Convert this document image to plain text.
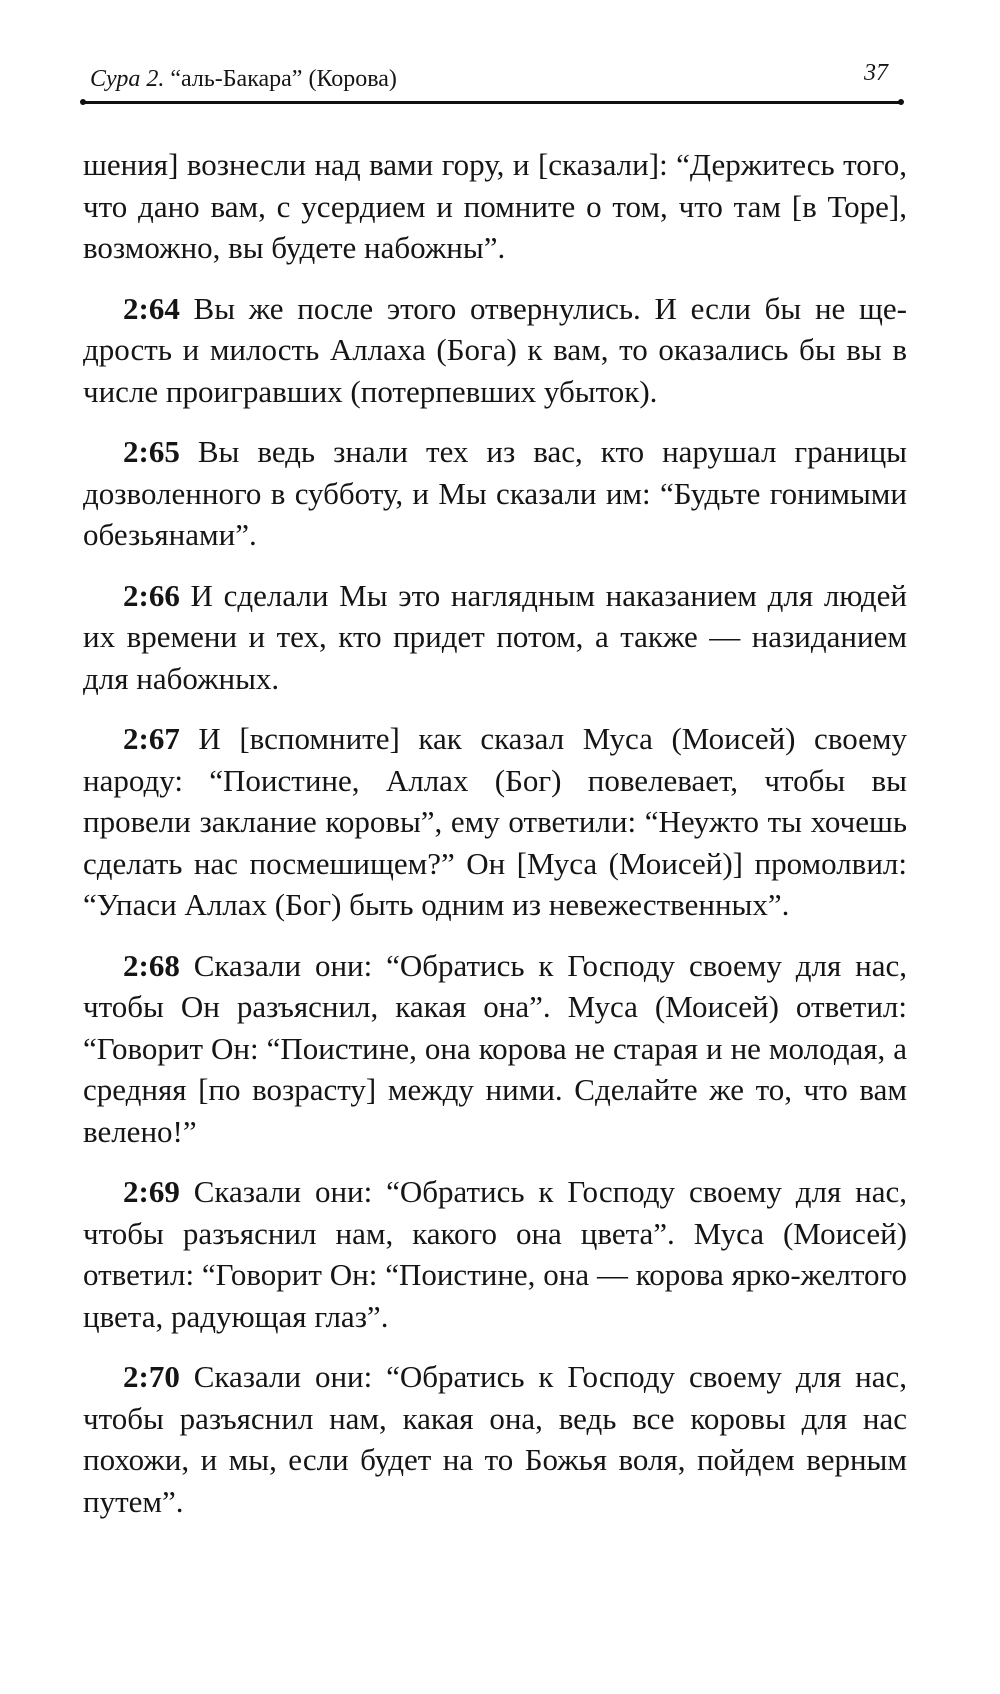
Сура 2. “аль-Бакара” (Корова)	37

шения] вознесли над вами гору, и [сказали]: “Держитесь того, что дано вам, с усердием и помните о том, что там [в Торе], возможно, вы будете набожны”.

2:64 Вы же после этого отвернулись. И если бы не щедрость и милость Аллаха (Бога) к вам, то оказались бы вы в числе проигравших (потерпевших убыток).

2:65 Вы ведь знали тех из вас, кто нарушал границы дозволенного в субботу, и Мы сказали им: “Будьте гонимыми обезьянами”.

2:66 И сделали Мы это наглядным наказанием для людей их времени и тех, кто придет потом, а также — назиданием для набожных.

2:67 И [вспомните] как сказал Муса (Моисей) своему народу: “Поистине, Аллах (Бог) повелевает, чтобы вы провели заклание коровы”, ему ответили: “Неужто ты хочешь сделать нас посмешищем?” Он [Муса (Моисей)] промолвил: “Упаси Аллах (Бог) быть одним из невежественных”.

2:68 Сказали они: “Обратись к Господу своему для нас, чтобы Он разъяснил, какая она”. Муса (Моисей) ответил: “Говорит Он: “Поистине, она корова не старая и не молодая, а средняя [по возрасту] между ними. Сделайте же то, что вам велено!”

2:69 Сказали они: “Обратись к Господу своему для нас, чтобы разъяснил нам, какого она цвета”. Муса (Моисей) ответил: “Говорит Он: “Поистине, она — корова ярко-желтого цвета, радующая глаз”.

2:70 Сказали они: “Обратись к Господу своему для нас, чтобы разъяснил нам, какая она, ведь все коровы для нас похожи, и мы, если будет на то Божья воля, пойдем верным путем”.
